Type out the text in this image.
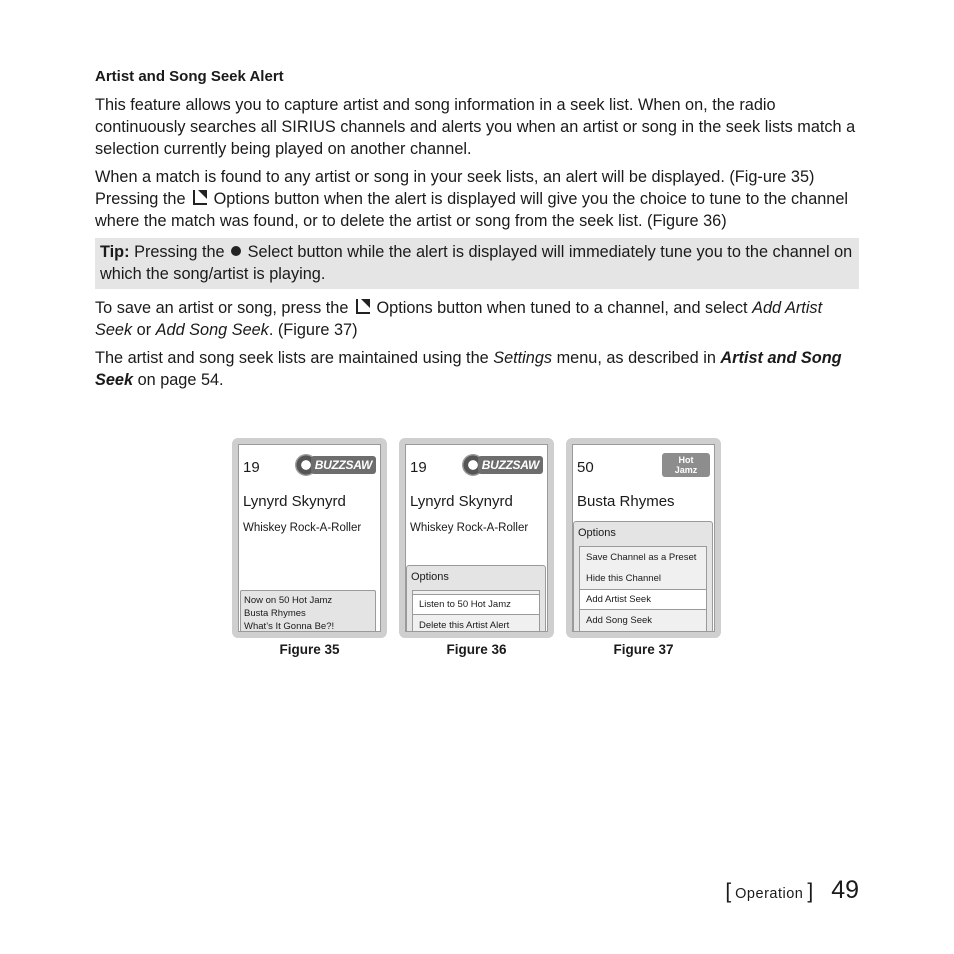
Artist and Song Seek Alert

This feature allows you to capture artist and song information in a seek list. When on, the radio continuously searches all SIRIUS channels and alerts you when an artist or song in the seek lists match a selection currently being played on another channel.

When a match is found to any artist or song in your seek lists, an alert will be displayed. (Fig-ure 35) Pressing the Options button when the alert is displayed will give you the choice to tune to the channel where the match was found, or to delete the artist or song from the seek list. (Figure 36)

Tip: Pressing the Select button while the alert is displayed will immediately tune you to the channel on which the song/artist is playing.

To save an artist or song, press the Options button when tuned to a channel, and select Add Artist Seek or Add Song Seek. (Figure 37)

The artist and song seek lists are maintained using the Settings menu, as described in Artist and Song Seek on page 54.

19	BUZZSAW
Lynyrd Skynyrd
Whiskey Rock-A-Roller
Now on 50 Hot Jamz
Busta Rhymes
What’s It Gonna Be?!
Figure 35
19	BUZZSAW
Lynyrd Skynyrd
Whiskey Rock-A-Roller
Options
Listen to 50 Hot Jamz
Delete this Artist Alert
Figure 36
50	Hot
Jamz
Busta Rhymes
Options
Save Channel as a Preset
Hide this Channel
Add Artist Seek
Add Song Seek
Figure 37
[ Operation ] 49
